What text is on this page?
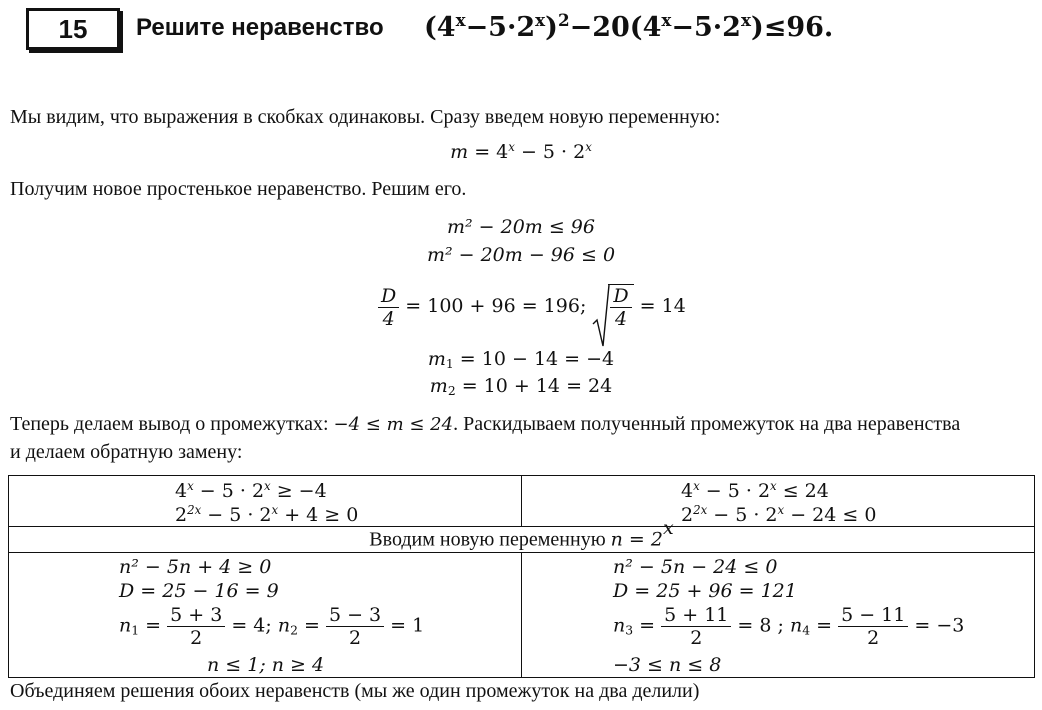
15	Решите неравенство $(4^x-5\cdot 2^x)^2-20(4^x-5\cdot 2^x)\le 96$.
Мы видим, что выражения в скобках одинаковы. Сразу введем новую переменную:
$m = 4^x - 5 \cdot 2^x$
Получим новое простенькое неравенство. Решим его.
m² − 20m ≤ 96
m² − 20m − 96 ≤ 0
$\frac{D}{4} = 100 + 96 = 196$; $\frac{D}{4} = 14$
$m_1 = 10 - 14 = -4$
$m_2 = 10 + 14 = 24$
Теперь делаем вывод о промежутках: −4 ≤ m ≤ 24. Раскидываем полученный промежуток на два неравенства
и делаем обратную замену:
$4^x - 5 \cdot 2^x \ge -4$
$2^{2x} - 5 \cdot 2^x + 4 \ge 0$
$4^x - 5 \cdot 2^x \le 24$
$2^{2x} - 5 \cdot 2^x - 24 \le 0$
Вводим новую переменную $n = 2^x$
n² − 5n + 4 ≥ 0
D = 25 − 16 = 9
$n_1 = \frac{5 + 3}{2} = 4$; $n_2 = \frac{5 - 3}{2} = 1$
n ≤ 1; n ≥ 4
n² − 5n − 24 ≤ 0
D = 25 + 96 = 121
$n_3 = \frac{5 + 11}{2} = 8$ ; $n_4 = \frac{5 - 11}{2} = -3$
−3 ≤ n ≤ 8
Объединяем решения обоих неравенств (мы же один промежуток на два делили)
